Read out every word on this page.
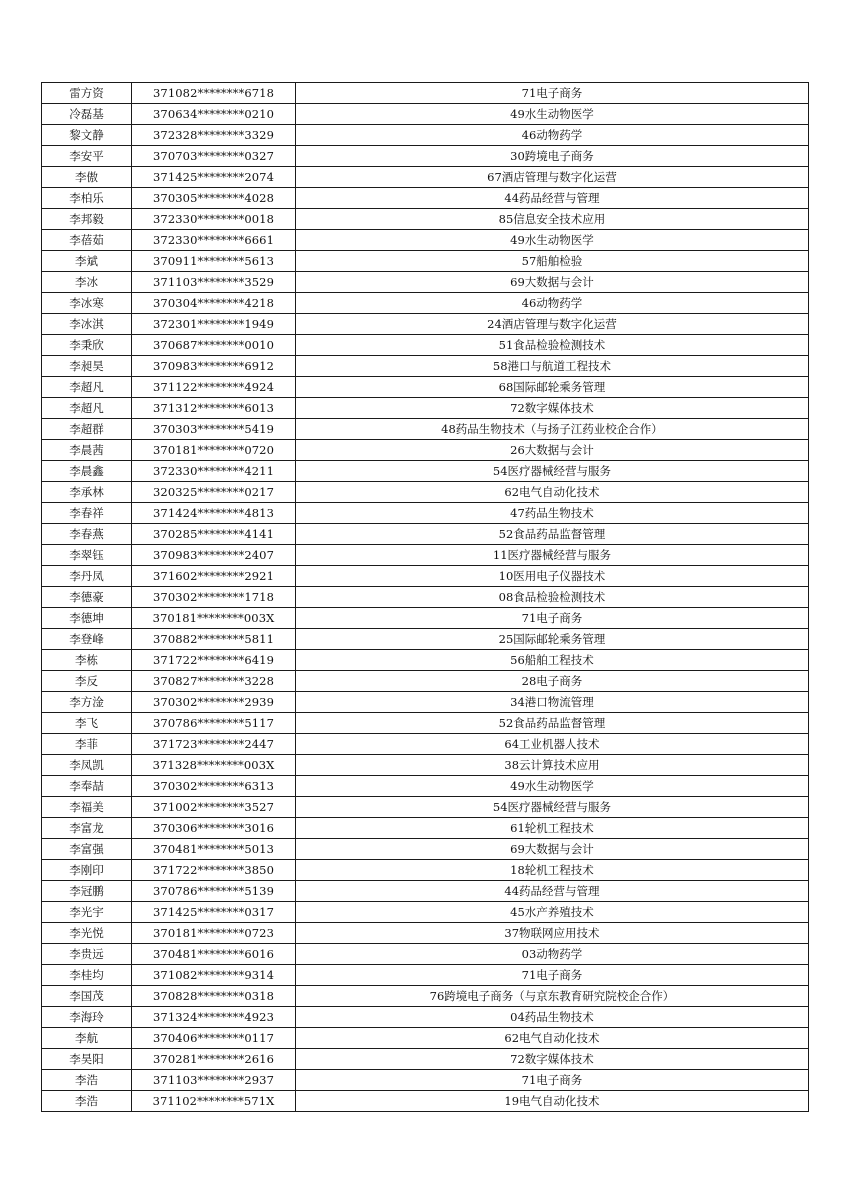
雷方资	371082********6718	71电子商务
冷磊基	370634********0210	49水生动物医学
黎文静	372328********3329	46动物药学
李安平	370703********0327	30跨境电子商务
李傲	371425********2074	67酒店管理与数字化运营
李柏乐	370305********4028	44药品经营与管理
李邦毅	372330********0018	85信息安全技术应用
李蓓茹	372330********6661	49水生动物医学
李斌	370911********5613	57船舶检验
李冰	371103********3529	69大数据与会计
李冰寒	370304********4218	46动物药学
李冰淇	372301********1949	24酒店管理与数字化运营
李秉欣	370687********0010	51食品检验检测技术
李昶昊	370983********6912	58港口与航道工程技术
李超凡	371122********4924	68国际邮轮乘务管理
李超凡	371312********6013	72数字媒体技术
李超群	370303********5419	48药品生物技术（与扬子江药业校企合作）
李晨茜	370181********0720	26大数据与会计
李晨鑫	372330********4211	54医疗器械经营与服务
李承林	320325********0217	62电气自动化技术
李春祥	371424********4813	47药品生物技术
李春燕	370285********4141	52食品药品监督管理
李翠钰	370983********2407	11医疗器械经营与服务
李丹凤	371602********2921	10医用电子仪器技术
李德豪	370302********1718	08食品检验检测技术
李德坤	370181********003X	71电子商务
李登峰	370882********5811	25国际邮轮乘务管理
李栋	371722********6419	56船舶工程技术
李反	370827********3228	28电子商务
李方淦	370302********2939	34港口物流管理
李飞	370786********5117	52食品药品监督管理
李菲	371723********2447	64工业机器人技术
李凤凯	371328********003X	38云计算技术应用
李奉喆	370302********6313	49水生动物医学
李福美	371002********3527	54医疗器械经营与服务
李富龙	370306********3016	61轮机工程技术
李富强	370481********5013	69大数据与会计
李刚印	371722********3850	18轮机工程技术
李冠鹏	370786********5139	44药品经营与管理
李光宇	371425********0317	45水产养殖技术
李光悦	370181********0723	37物联网应用技术
李贵远	370481********6016	03动物药学
李桂均	371082********9314	71电子商务
李国茂	370828********0318	76跨境电子商务（与京东教育研究院校企合作）
李海玲	371324********4923	04药品生物技术
李航	370406********0117	62电气自动化技术
李昊阳	370281********2616	72数字媒体技术
李浩	371103********2937	71电子商务
李浩	371102********571X	19电气自动化技术
